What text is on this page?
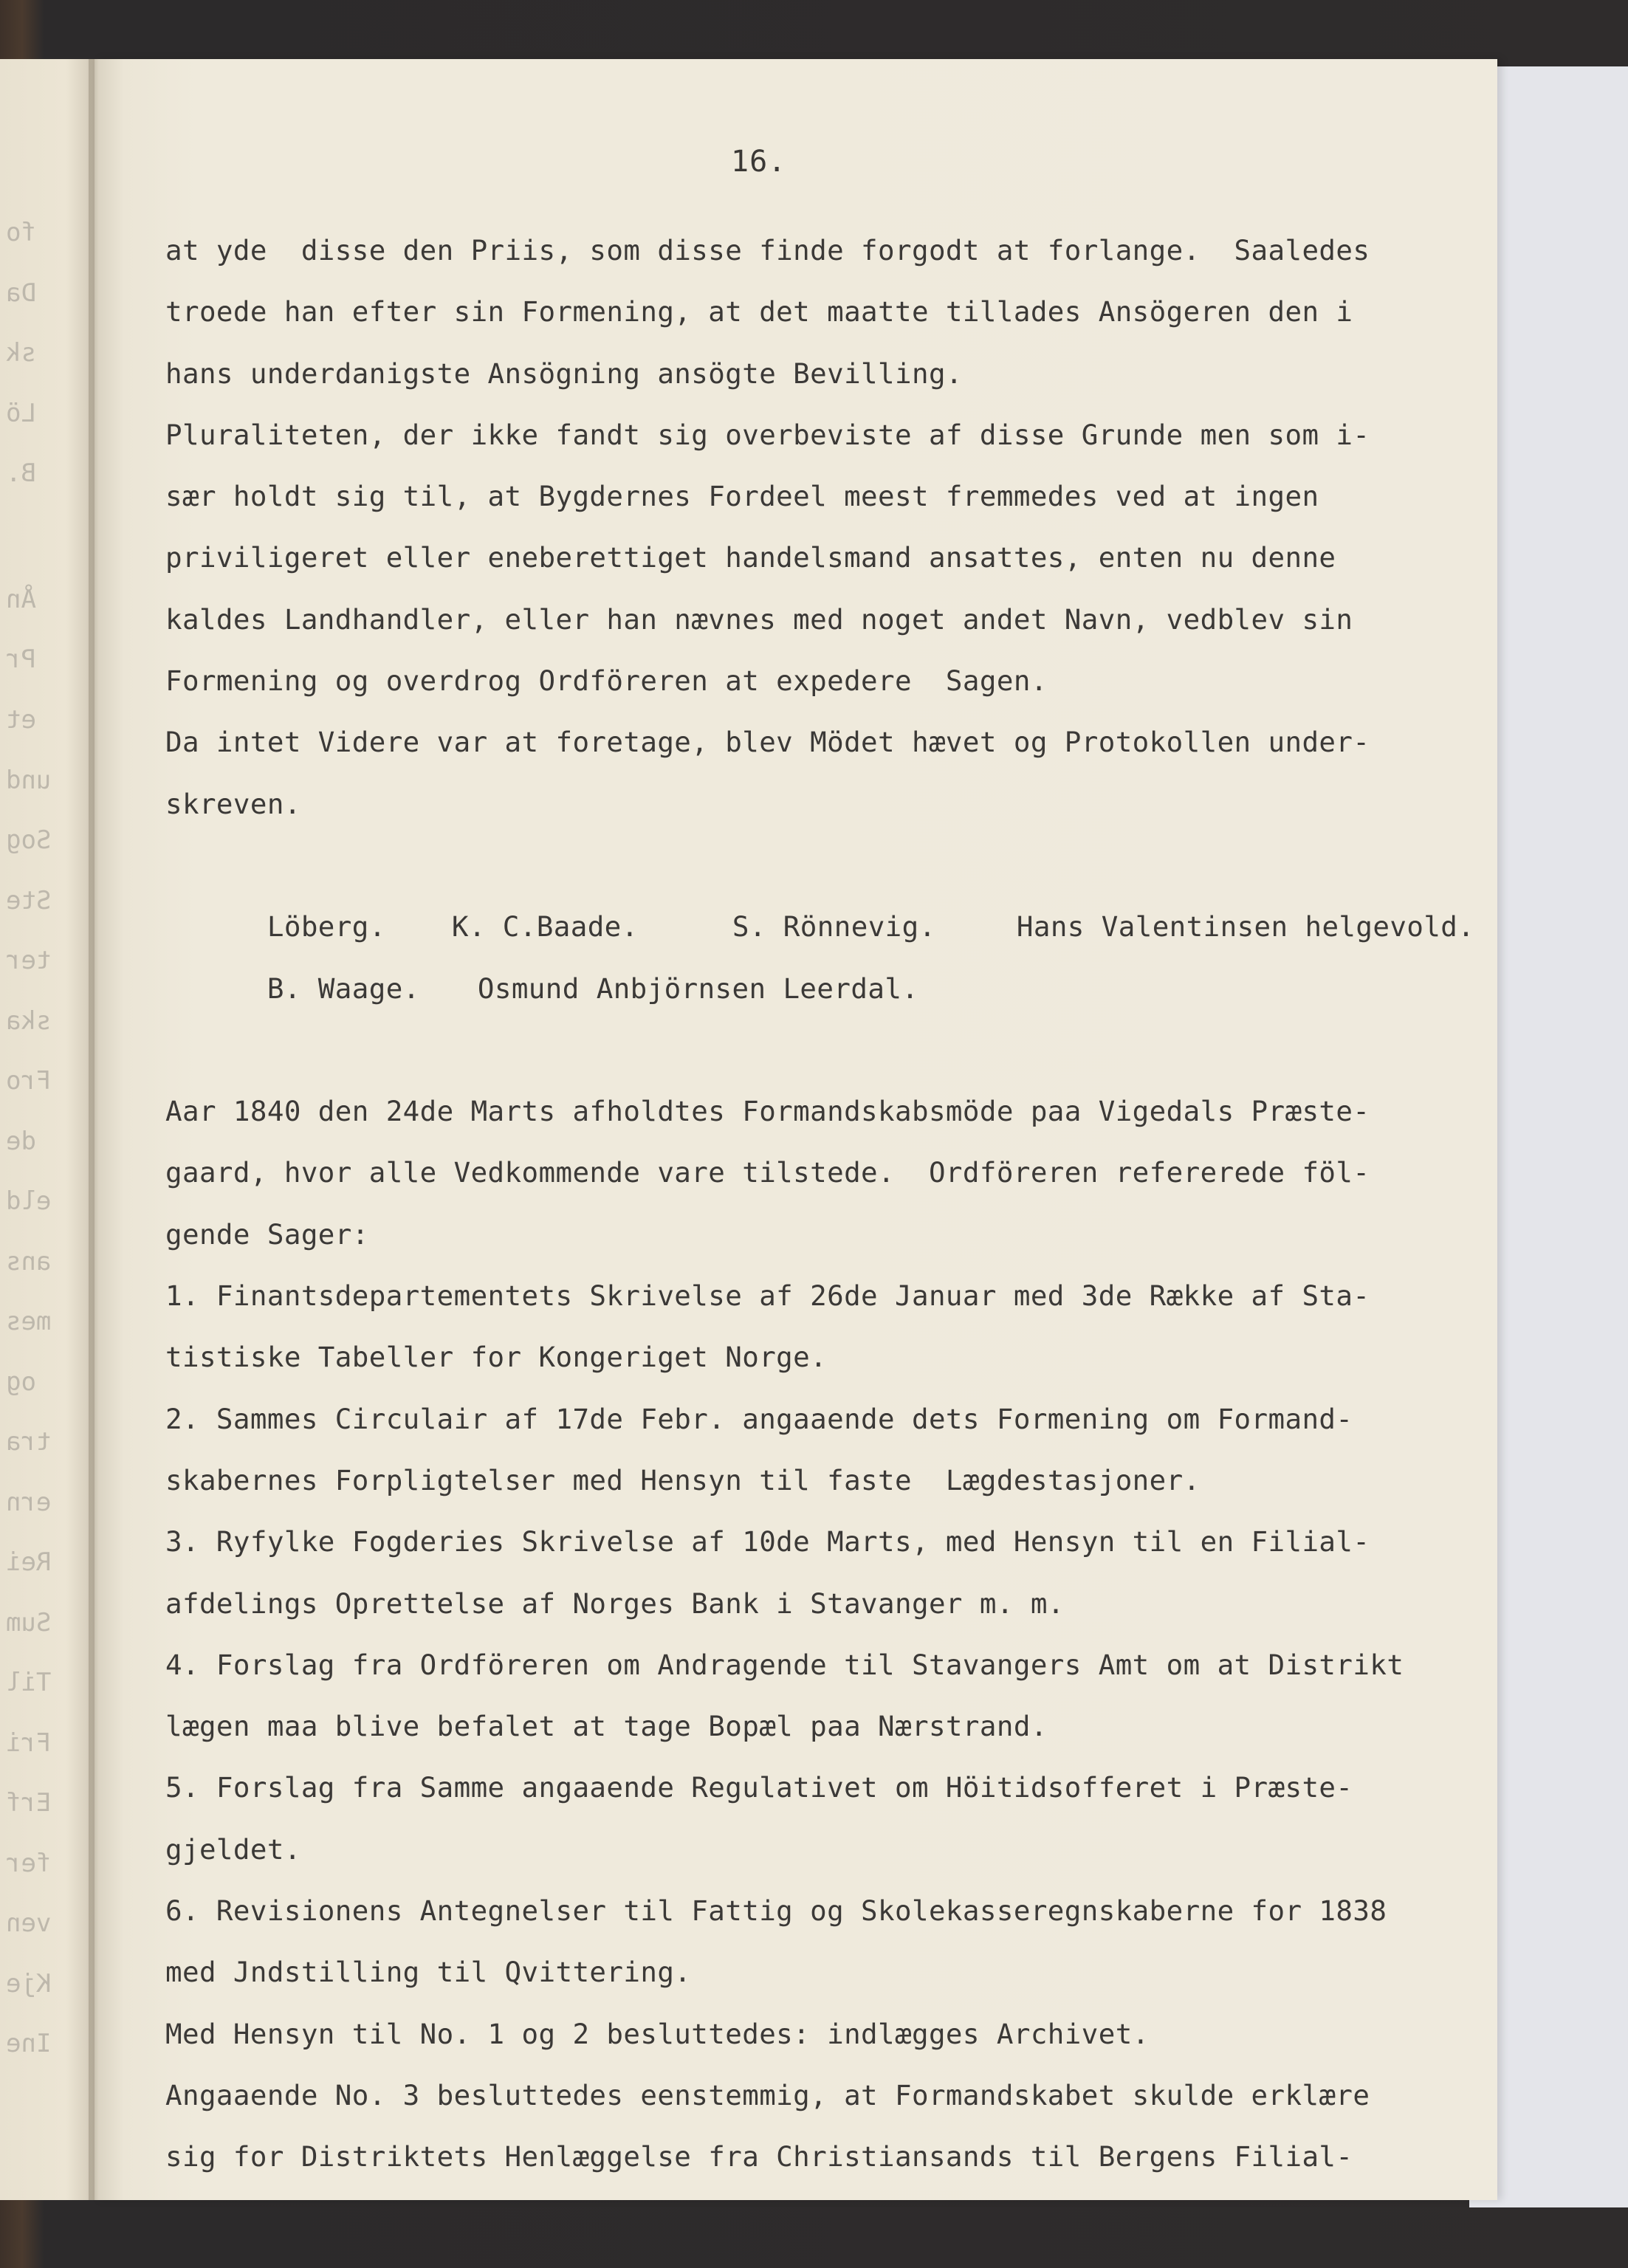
fo
Da
sk
Lö
B.
Ån
Pr
et
und
Sog
Ste
ter
ska
Fro
de
eld
ans
mes
og
tra
ern
Rei
Sum
Til
Fri
Erf
fer
ven
Kje
Ine
16.
at yde  disse den Priis, som disse finde forgodt at forlange.  Saaledes
troede han efter sin Formening, at det maatte tillades Ansögeren den i
hans underdanigste Ansögning ansögte Bevilling.
Pluraliteten, der ikke fandt sig overbeviste af disse Grunde men som i-
sær holdt sig til, at Bygdernes Fordeel meest fremmedes ved at ingen
priviligeret eller eneberettiget handelsmand ansattes, enten nu denne
kaldes Landhandler, eller han nævnes med noget andet Navn, vedblev sin
Formening og overdrog Ordföreren at expedere  Sagen.
Da intet Videre var at foretage, blev Mödet hævet og Protokollen under-
skreven.

Löberg. K. C.Baade.	S. Rönnevig.	Hans Valentinsen helgevold.

B. Waage. Osmund Anbjörnsen Leerdal.

Aar 1840 den 24de Marts afholdtes Formandskabsmöde paa Vigedals Præste-
gaard, hvor alle Vedkommende vare tilstede.  Ordföreren refererede föl-
gende Sager:
1. Finantsdepartementets Skrivelse af 26de Januar med 3de Række af Sta-
tistiske Tabeller for Kongeriget Norge.
2. Sammes Circulair af 17de Febr. angaaende dets Formening om Formand-
skabernes Forpligtelser med Hensyn til faste  Lægdestasjoner.
3. Ryfylke Fogderies Skrivelse af 10de Marts, med Hensyn til en Filial-
afdelings Oprettelse af Norges Bank i Stavanger m. m.
4. Forslag fra Ordföreren om Andragende til Stavangers Amt om at Distrikt
lægen maa blive befalet at tage Bopæl paa Nærstrand.
5. Forslag fra Samme angaaende Regulativet om Höitidsofferet i Præste-
gjeldet.
6. Revisionens Antegnelser til Fattig og Skolekasseregnskaberne for 1838
med Jndstilling til Qvittering.
Med Hensyn til No. 1 og 2 besluttedes: indlægges Archivet.
Angaaende No. 3 besluttedes eenstemmig, at Formandskabet skulde erklære
sig for Distriktets Henlæggelse fra Christiansands til Bergens Filial-
